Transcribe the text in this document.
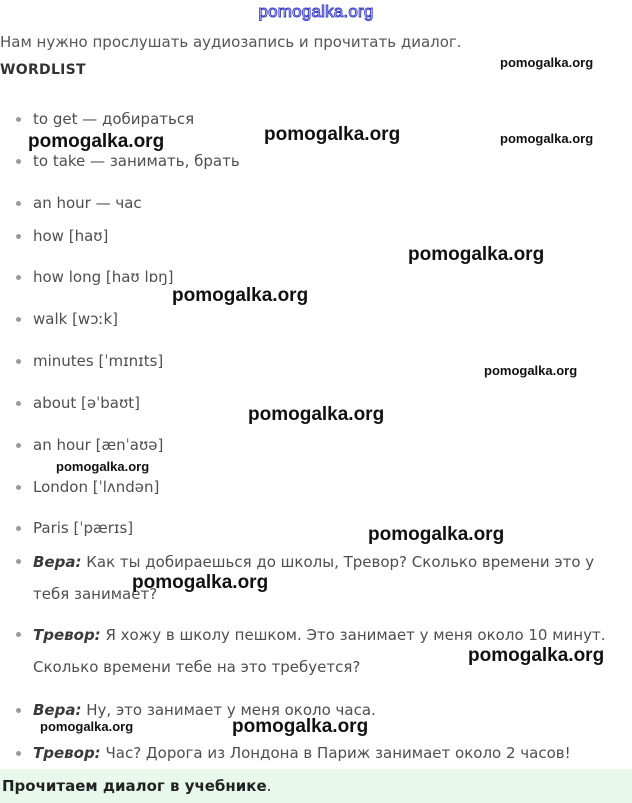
pomogalka.org
Нам нужно прослушать аудиозапись и прочитать диалог.
WORDLIST
to get — добираться
to take — занимать, брать
an hour — час
how [haʊ]
how long [haʊ lɒŋ]
walk [wɔːk]
minutes [ˈmɪnɪts]
about [əˈbaʊt]
an hour [ænˈaʊə]
London [ˈlʌndən]
Paris [ˈpærɪs]
Вера: Как ты добираешься до школы, Тревор? Сколько времени это у тебя занимает?
Тревор: Я хожу в школу пешком. Это занимает у меня около 10 минут. Сколько времени тебе на это требуется?
Вера: Ну, это занимает у меня около часа.
Тревор: Час? Дорога из Лондона в Париж занимает около 2 часов!
Прочитаем диалог в учебнике.
pomogalka.org
pomogalka.org	pomogalka.org	pomogalka.org
pomogalka.org
pomogalka.org
pomogalka.org
pomogalka.org
pomogalka.org
pomogalka.org
pomogalka.org
pomogalka.org
pomogalka.org	pomogalka.org
